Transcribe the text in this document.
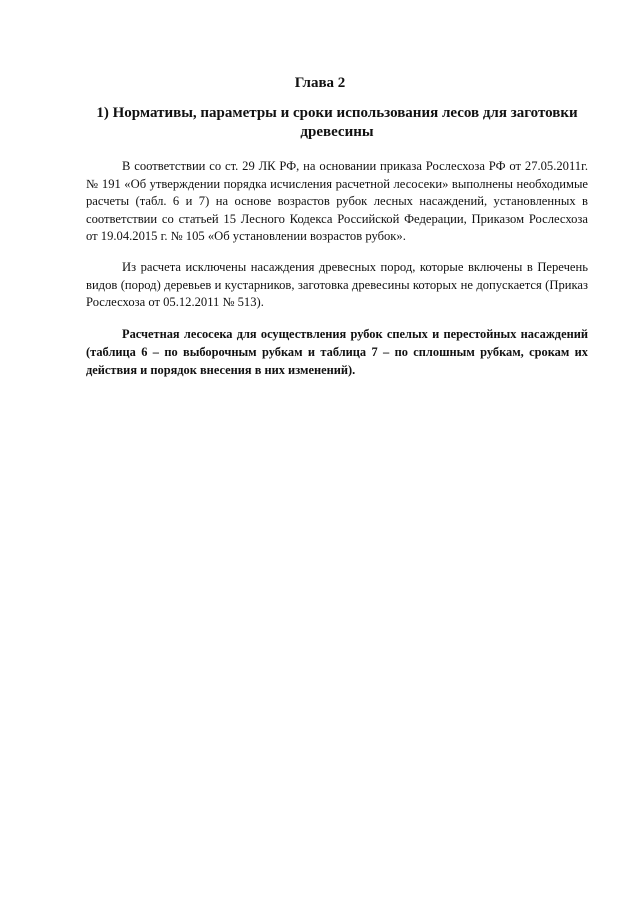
Глава 2
1) Нормативы, параметры и сроки использования лесов для заготовки древесины

В соответствии со ст. 29 ЛК РФ, на основании приказа Рослесхоза РФ от 27.05.2011г. № 191 «Об утверждении порядка исчисления расчетной лесосеки» выполнены необходимые расчеты (табл. 6 и 7) на основе возрастов рубок лесных насаждений, установленных в соответствии со статьей 15 Лесного Кодекса Российской Федерации, Приказом Рослесхоза от 19.04.2015 г. № 105 «Об установлении возрастов рубок».

Из расчета исключены насаждения древесных пород, которые включены в Перечень видов (пород) деревьев и кустарников, заготовка древесины которых не допускается (Приказ Рослесхоза от 05.12.2011 № 513).

Расчетная лесосека для осуществления рубок спелых и перестойных насаждений (таблица 6 – по выборочным рубкам и таблица 7 – по сплошным рубкам, срокам их действия и порядок внесения в них изменений).
